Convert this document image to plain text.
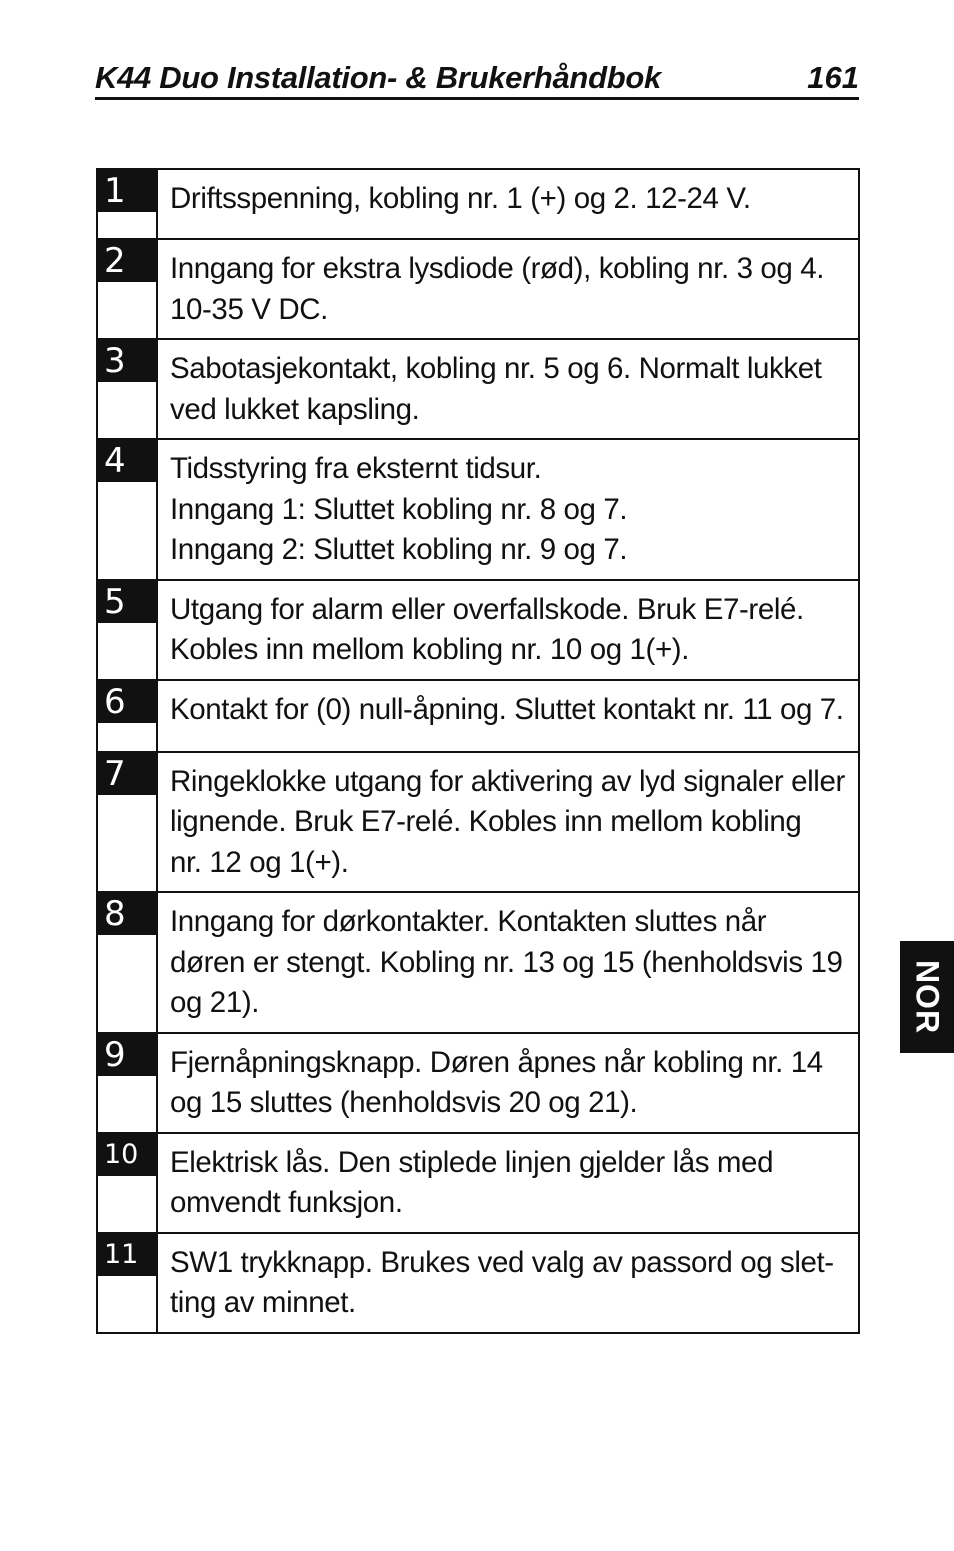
K44 Duo Installation- & Brukerhåndbok	161
1	Driftsspenning, kobling nr. 1 (+) og 2. 12-24 V.

2	Inngang for ekstra lysdiode (rød), kobling nr. 3 og 4.
10-35 V DC.

3	Sabotasjekontakt, kobling nr. 5 og 6. Normalt lukket
ved lukket kapsling.

4	Tidsstyring fra eksternt tidsur.
Inngang 1: Sluttet kobling nr. 8 og 7.
Inngang 2: Sluttet kobling nr. 9 og 7.

5	Utgang for alarm eller overfallskode. Bruk E7-relé.
Kobles inn mellom kobling nr. 10 og 1(+).

6	Kontakt for (0) null-åpning. Sluttet kontakt nr. 11 og 7.

7	Ringeklokke utgang for aktivering av lyd signaler eller
lignende. Bruk E7-relé. Kobles inn mellom kobling
nr. 12 og 1(+).

8	Inngang for dørkontakter. Kontakten sluttes når
døren er stengt. Kobling nr. 13 og 15 (henholdsvis 19
og 21).

9	Fjernåpningsknapp. Døren åpnes når kobling nr. 14
og 15 sluttes (henholdsvis 20 og 21).

10	Elektrisk lås. Den stiplede linjen gjelder lås med
omvendt funksjon.

11	SW1 trykknapp. Brukes ved valg av passord og slet-
ting av minnet.
NOR
